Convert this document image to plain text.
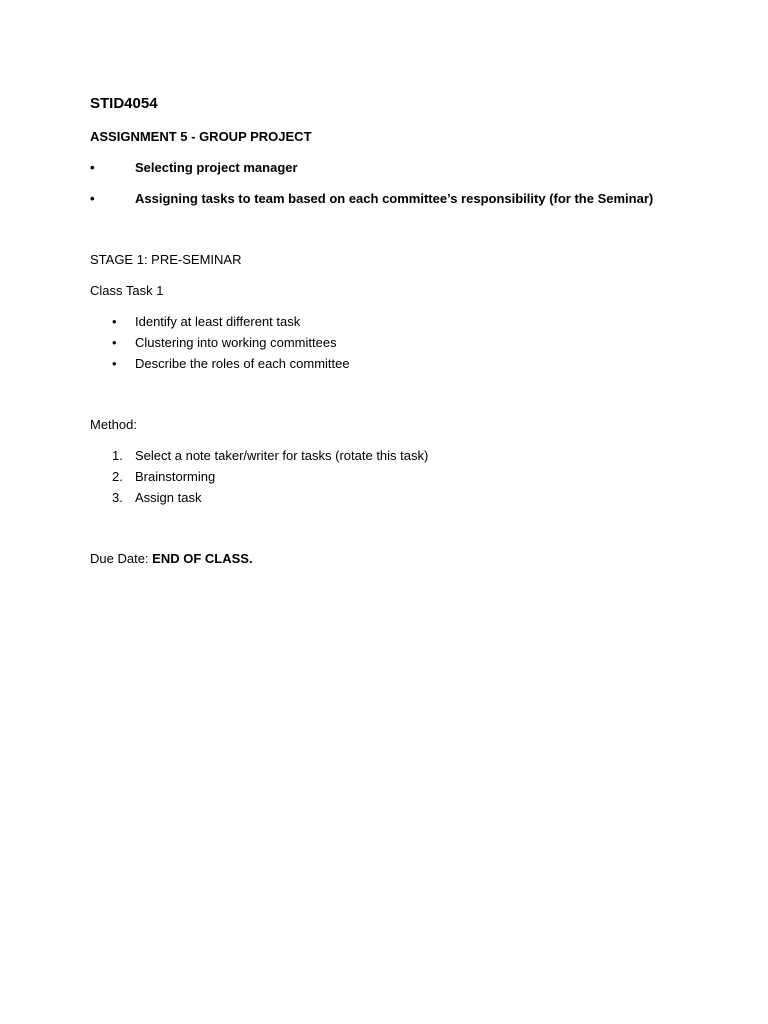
STID4054
ASSIGNMENT 5 - GROUP PROJECT
•	Selecting project manager
•	Assigning tasks to team based on each committee’s responsibility (for the Seminar)
STAGE 1: PRE-SEMINAR
Class Task 1
• Identify at least different task
• Clustering into working committees
• Describe the roles of each committee
Method:
1. Select a note taker/writer for tasks (rotate this task)
2. Brainstorming
3. Assign task
Due Date: END OF CLASS.
